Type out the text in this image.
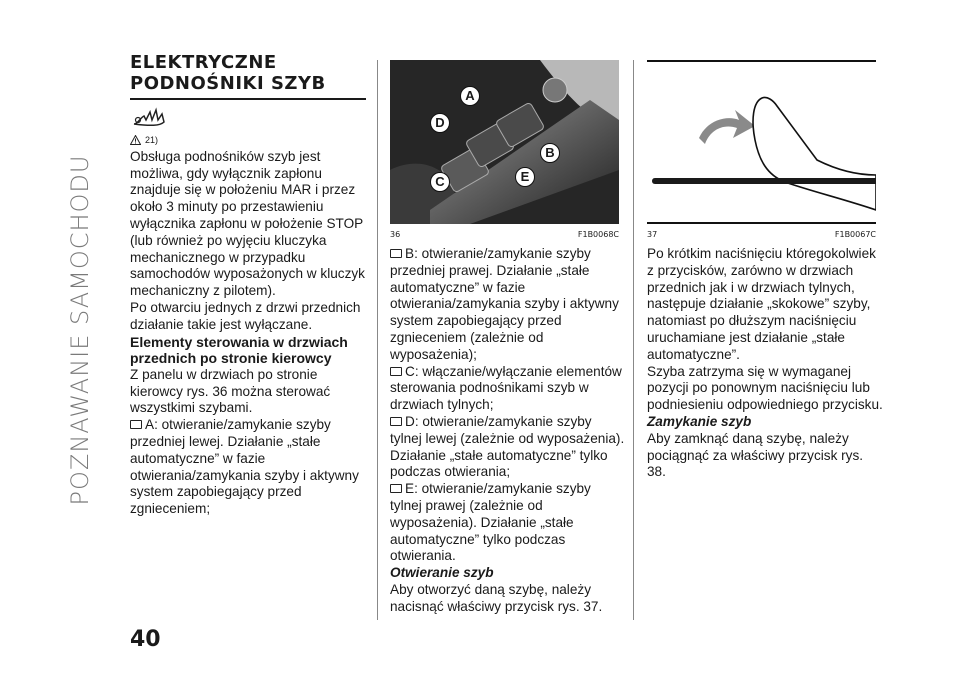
POZNAWANIE SAMOCHODU
ELEKTRYCZNE
PODNOŚNIKI SZYB
21)

Obsługa podnośników szyb jest możliwa, gdy wyłącznik zapłonu znajduje się w położeniu MAR i przez około 3 minuty po przestawieniu wyłącznika zapłonu w położenie STOP (lub również po wyjęciu kluczyka mechanicznego w przypadku samochodów wyposażonych w kluczyk mechaniczny z pilotem).

Po otwarciu jednych z drzwi przednich działanie takie jest wyłączane.

Elementy sterowania w drzwiach przednich po stronie kierowcy

Z panelu w drzwiach po stronie kierowcy rys. 36 można sterować wszystkimi szybami.

A: otwieranie/zamykanie szyby przedniej lewej. Działanie „stałe automatyczne” w fazie otwierania/zamykania szyby i aktywny system zapobiegający przed zgnieceniem;

A
D
B
C	E
36	F1B0068C

B: otwieranie/zamykanie szyby przedniej prawej. Działanie „stałe automatyczne” w fazie otwierania/zamykania szyby i aktywny system zapobiegający przed zgnieceniem (zależnie od wyposażenia);

C: włączanie/wyłączanie elementów sterowania podnośnikami szyb w drzwiach tylnych;

D: otwieranie/zamykanie szyby tylnej lewej (zależnie od wyposażenia). Działanie „stałe automatyczne” tylko podczas otwierania;

E: otwieranie/zamykanie szyby tylnej prawej (zależnie od wyposażenia). Działanie „stałe automatyczne” tylko podczas otwierania.

Otwieranie szyb

Aby otworzyć daną szybę, należy nacisnąć właściwy przycisk rys. 37.

37	F1B0067C

Po krótkim naciśnięciu któregokolwiek z przycisków, zarówno w drzwiach przednich jak i w drzwiach tylnych, następuje działanie „skokowe” szyby, natomiast po dłuższym naciśnięciu uruchamiane jest działanie „stałe automatyczne”.

Szyba zatrzyma się w wymaganej pozycji po ponownym naciśnięciu lub podniesieniu odpowiedniego przycisku.

Zamykanie szyb

Aby zamknąć daną szybę, należy pociągnąć za właściwy przycisk rys. 38.

40
